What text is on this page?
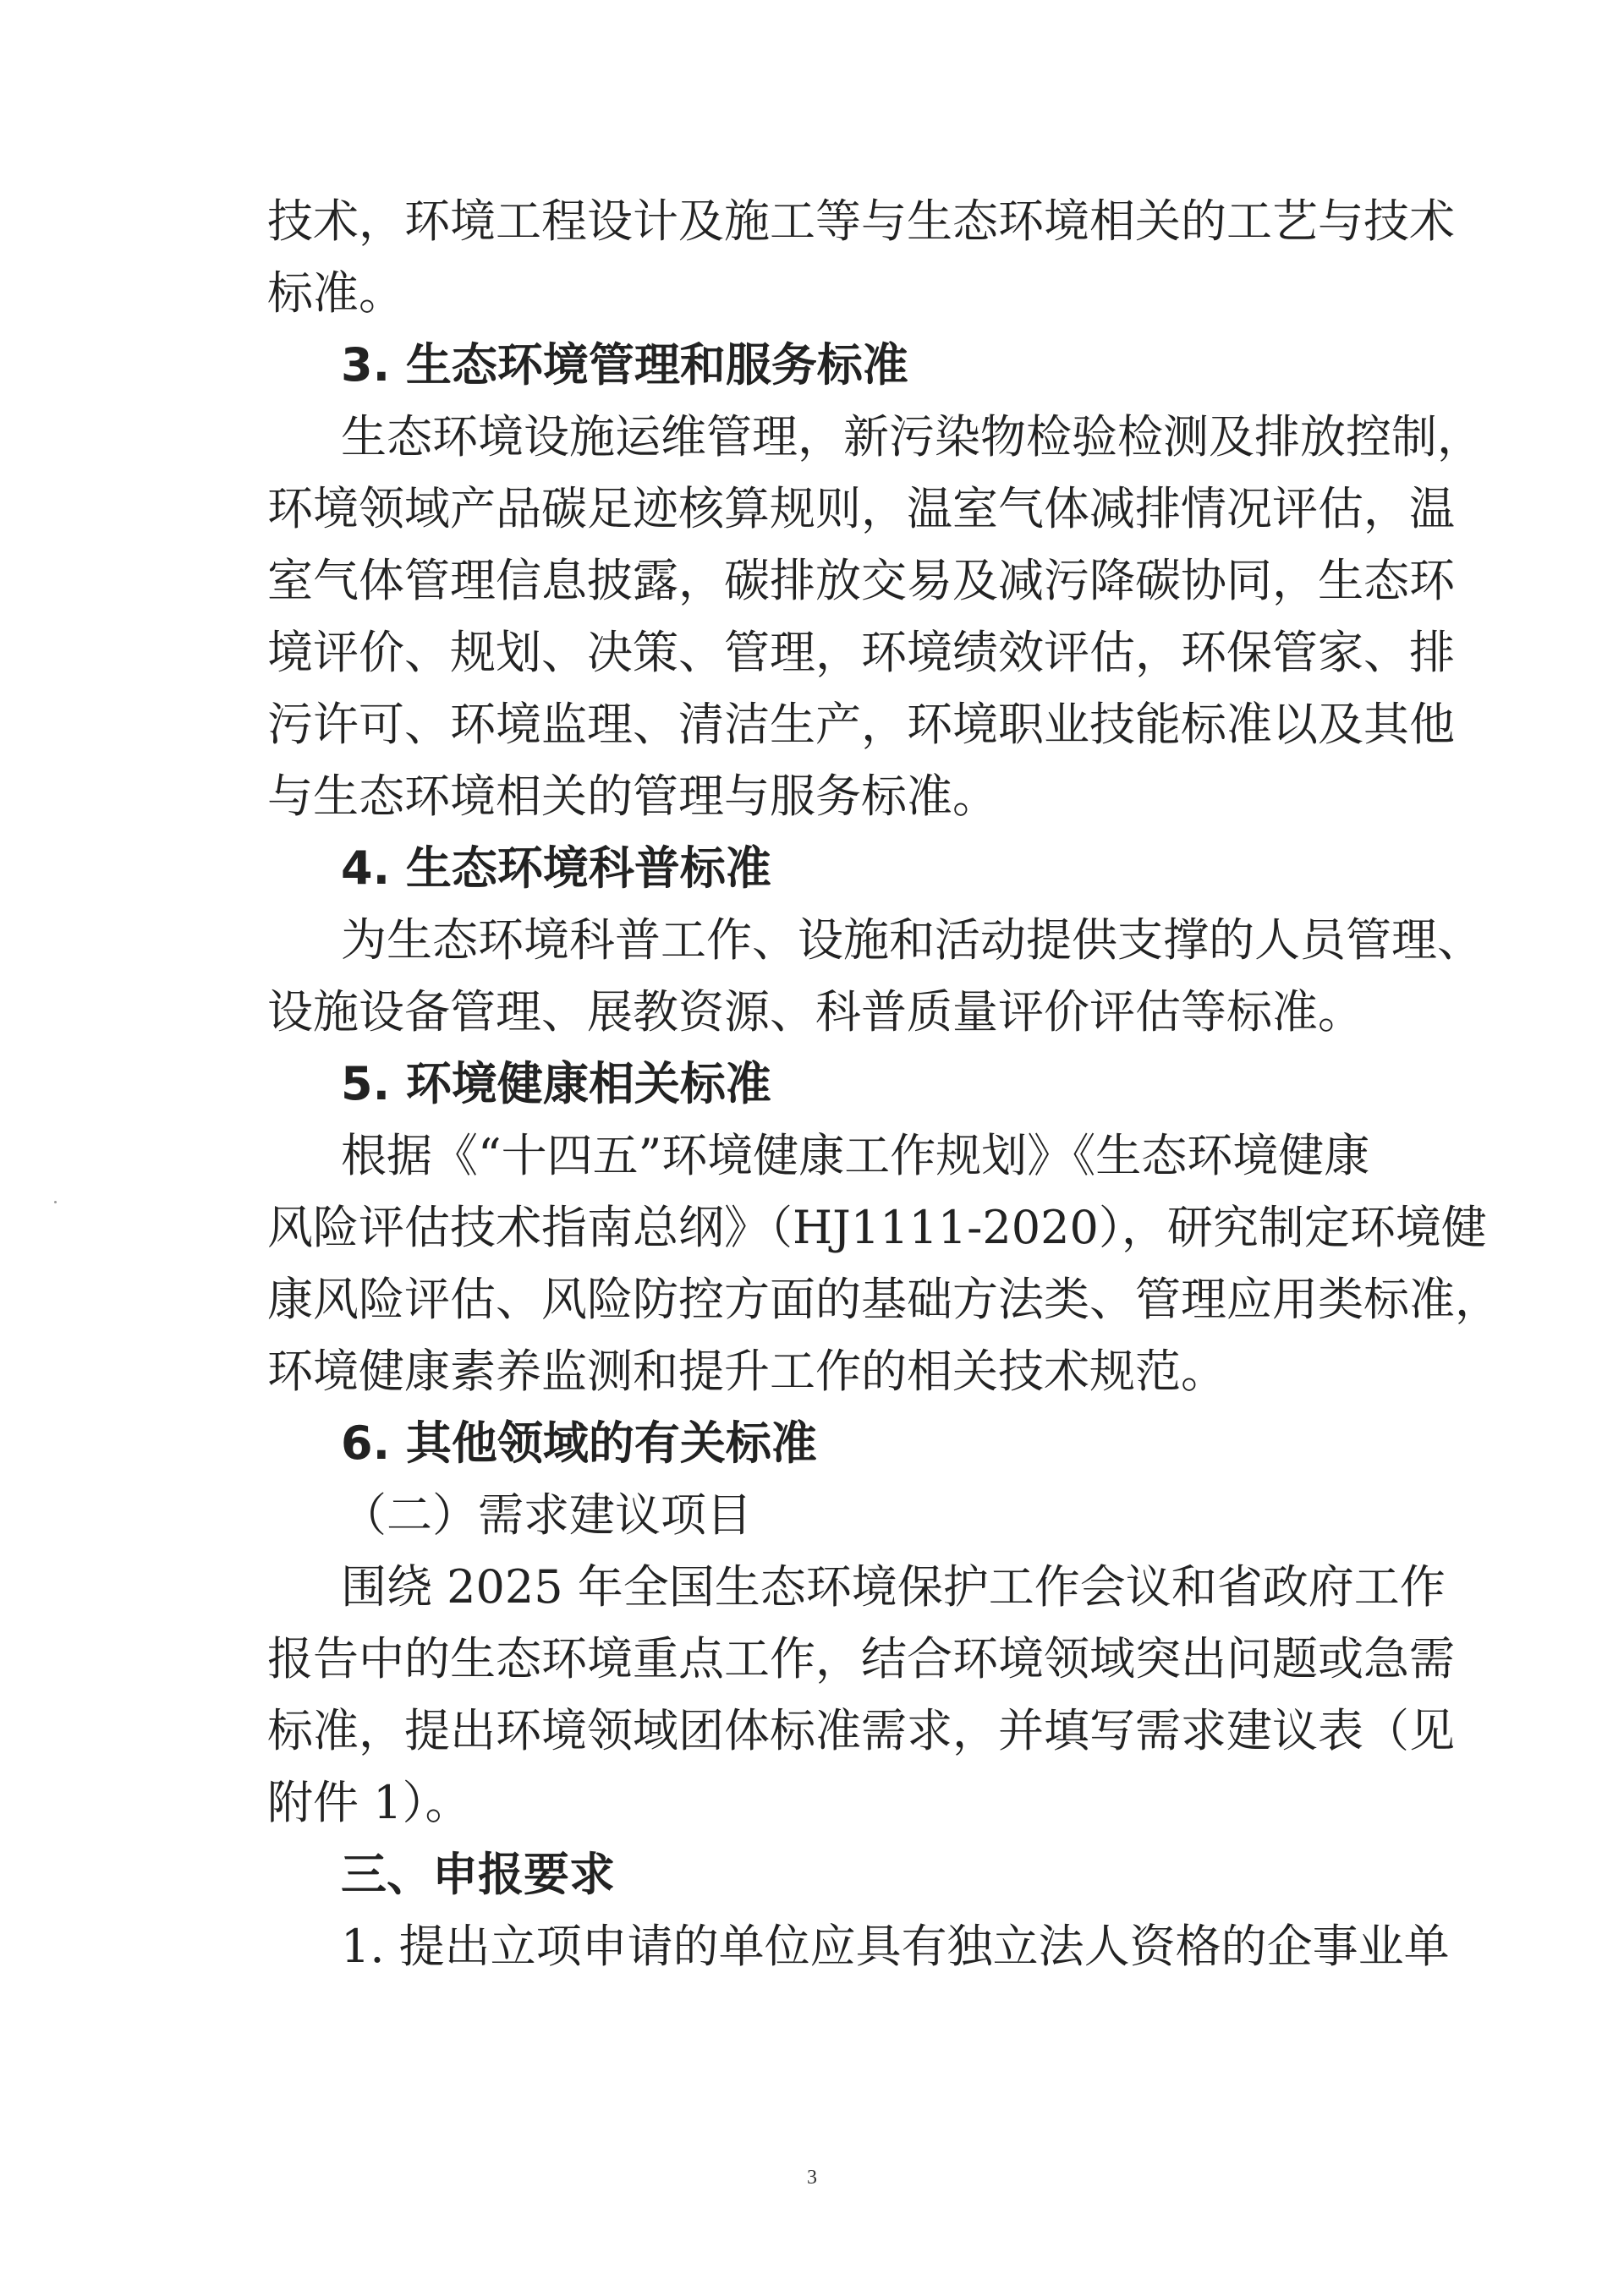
技术，环境工程设计及施工等与生态环境相关的工艺与技术
标准。
3. 生态环境管理和服务标准
生态环境设施运维管理，新污染物检验检测及排放控制，
环境领域产品碳足迹核算规则，温室气体减排情况评估，温
室气体管理信息披露，碳排放交易及减污降碳协同，生态环
境评价、规划、决策、管理，环境绩效评估，环保管家、排
污许可、环境监理、清洁生产，环境职业技能标准以及其他
与生态环境相关的管理与服务标准。
4. 生态环境科普标准
为生态环境科普工作、设施和活动提供支撑的人员管理、
设施设备管理、展教资源、科普质量评价评估等标准。
5. 环境健康相关标准
根据《“十四五”环境健康工作规划》《生态环境健康
风险评估技术指南总纲》（HJ1111-2020），研究制定环境健
康风险评估、风险防控方面的基础方法类、管理应用类标准，
环境健康素养监测和提升工作的相关技术规范。
6. 其他领域的有关标准
（二）需求建议项目
围绕 2025 年全国生态环境保护工作会议和省政府工作
报告中的生态环境重点工作，结合环境领域突出问题或急需
标准，提出环境领域团体标准需求，并填写需求建议表（见
附件 1）。
三、申报要求
1. 提出立项申请的单位应具有独立法人资格的企事业单
3
